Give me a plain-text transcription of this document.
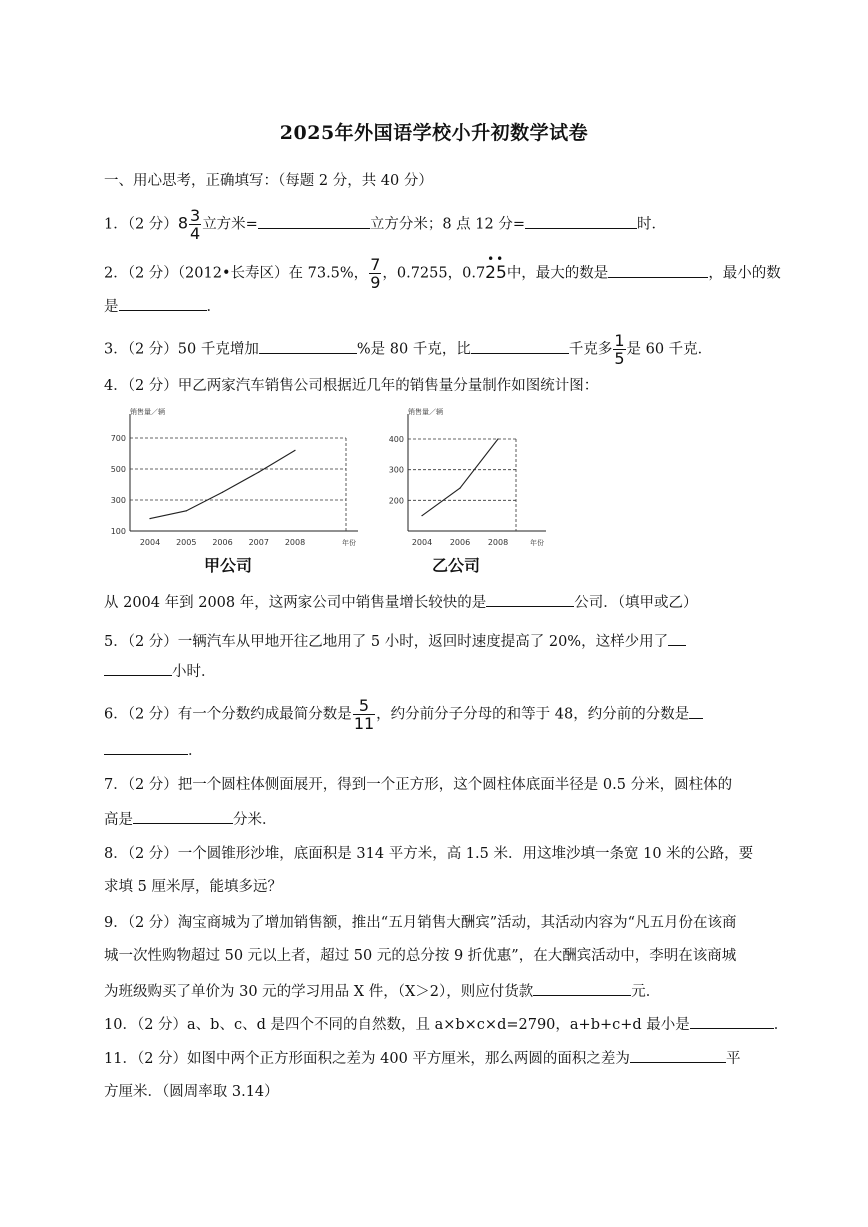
2025年外国语学校小升初数学试卷
一、用心思考，正确填写：（每题 2 分，共 40 分）
1．（2 分）$8 \frac{3}{4}$ 立方米=	立方分米；8 点 12 分=	时．
2．（2 分）（2012•长寿区）在 73.5%， $\frac{7}{9}$ ，0.7255，0.7
• •
25中，最大的数是	，最小的数
是	．
3．（2 分）50 千克增加	%是 80 千克，比	千克多 $\frac{1}{5}$ 是 60 千克．
4．（2 分）甲乙两家汽车销售公司根据近几年的销售量分量制作如图统计图：
销售量／辆
年份
100
300
500
700
2004 2005 2006 2007 2008
销售量／辆
年份
200
300
400
2004 2006 2008
甲公司	乙公司
从 2004 年到 2008 年，这两家公司中销售量增长较快的是	公司．（填甲或乙）
5．（2 分）一辆汽车从甲地开往乙地用了 5 小时，返回时速度提高了 20%，这样少用了
小时．
6．（2 分）有一个分数约成最简分数是 $\frac{5}{11}$ ，约分前分子分母的和等于 48，约分前的分数是
．
7．（2 分）把一个圆柱体侧面展开，得到一个正方形，这个圆柱体底面半径是 0.5 分米，圆柱体的
高是	分米．
8．（2 分）一个圆锥形沙堆，底面积是 314 平方米，高 1.5 米．用这堆沙填一条宽 10 米的公路，要
求填 5 厘米厚，能填多远？
9．（2 分）淘宝商城为了增加销售额，推出“五月销售大酬宾”活动，其活动内容为“凡五月份在该商
城一次性购物超过 50 元以上者，超过 50 元的总分按 9 折优惠”，在大酬宾活动中，李明在该商城
为班级购买了单价为 30 元的学习用品 X 件，（X＞2），则应付货款	元．
10．（2 分）a、b、c、d 是四个不同的自然数，且 a×b×c×d=2790，a+b+c+d 最小是	．
11．（2 分）如图中两个正方形面积之差为 400 平方厘米，那么两圆的面积之差为	平
方厘米．（圆周率取 3.14）
